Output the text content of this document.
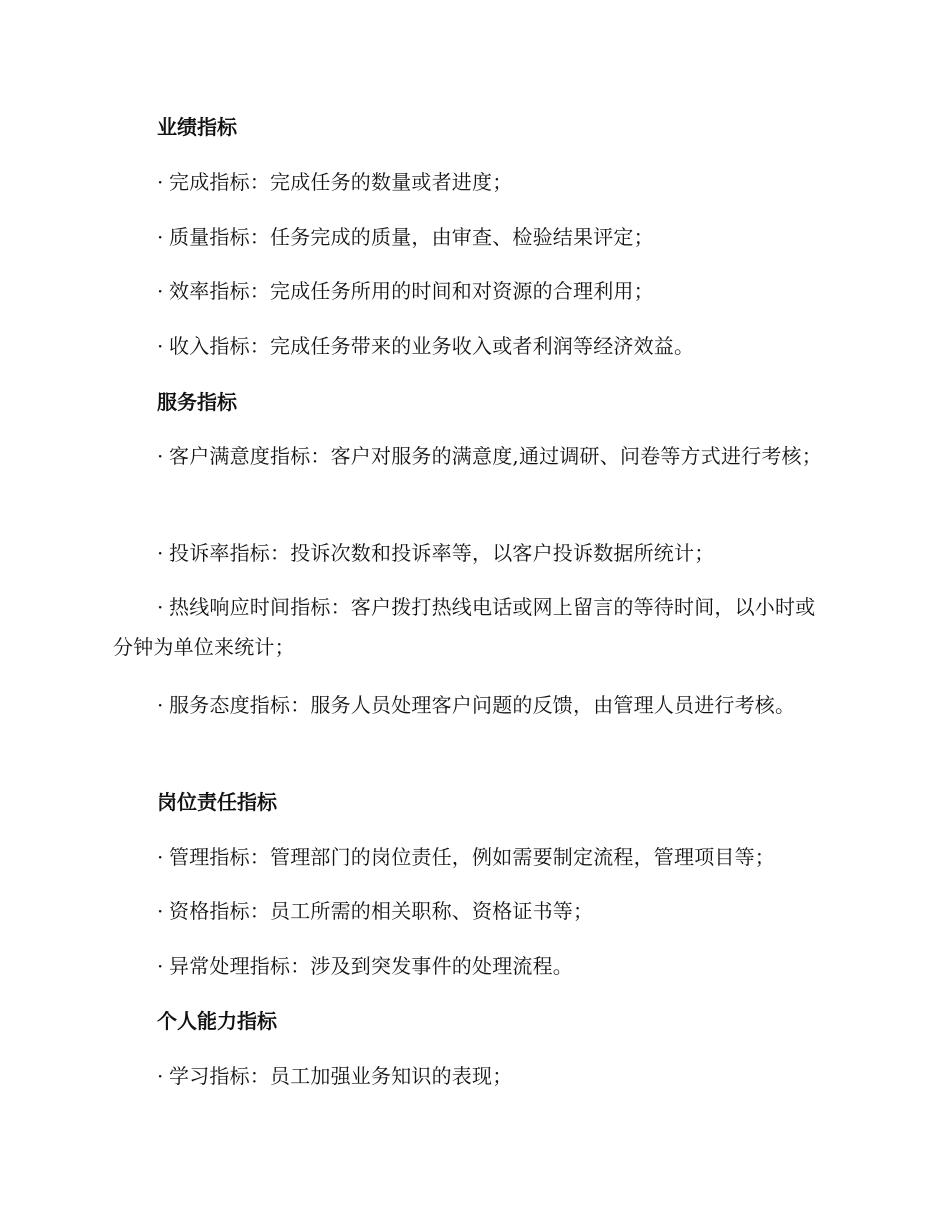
业绩指标
· 完成指标：完成任务的数量或者进度；
· 质量指标：任务完成的质量，由审查、检验结果评定；
· 效率指标：完成任务所用的时间和对资源的合理利用；
· 收入指标：完成任务带来的业务收入或者利润等经济效益。
服务指标
· 客户满意度指标：客户对服务的满意度,通过调研、问卷等方式进行考核；
· 投诉率指标：投诉次数和投诉率等，以客户投诉数据所统计；
· 热线响应时间指标：客户拨打热线电话或网上留言的等待时间，以小时或分钟为单位来统计；
· 服务态度指标：服务人员处理客户问题的反馈，由管理人员进行考核。
岗位责任指标
· 管理指标：管理部门的岗位责任，例如需要制定流程，管理项目等；
· 资格指标：员工所需的相关职称、资格证书等；
· 异常处理指标：涉及到突发事件的处理流程。
个人能力指标
· 学习指标：员工加强业务知识的表现；
